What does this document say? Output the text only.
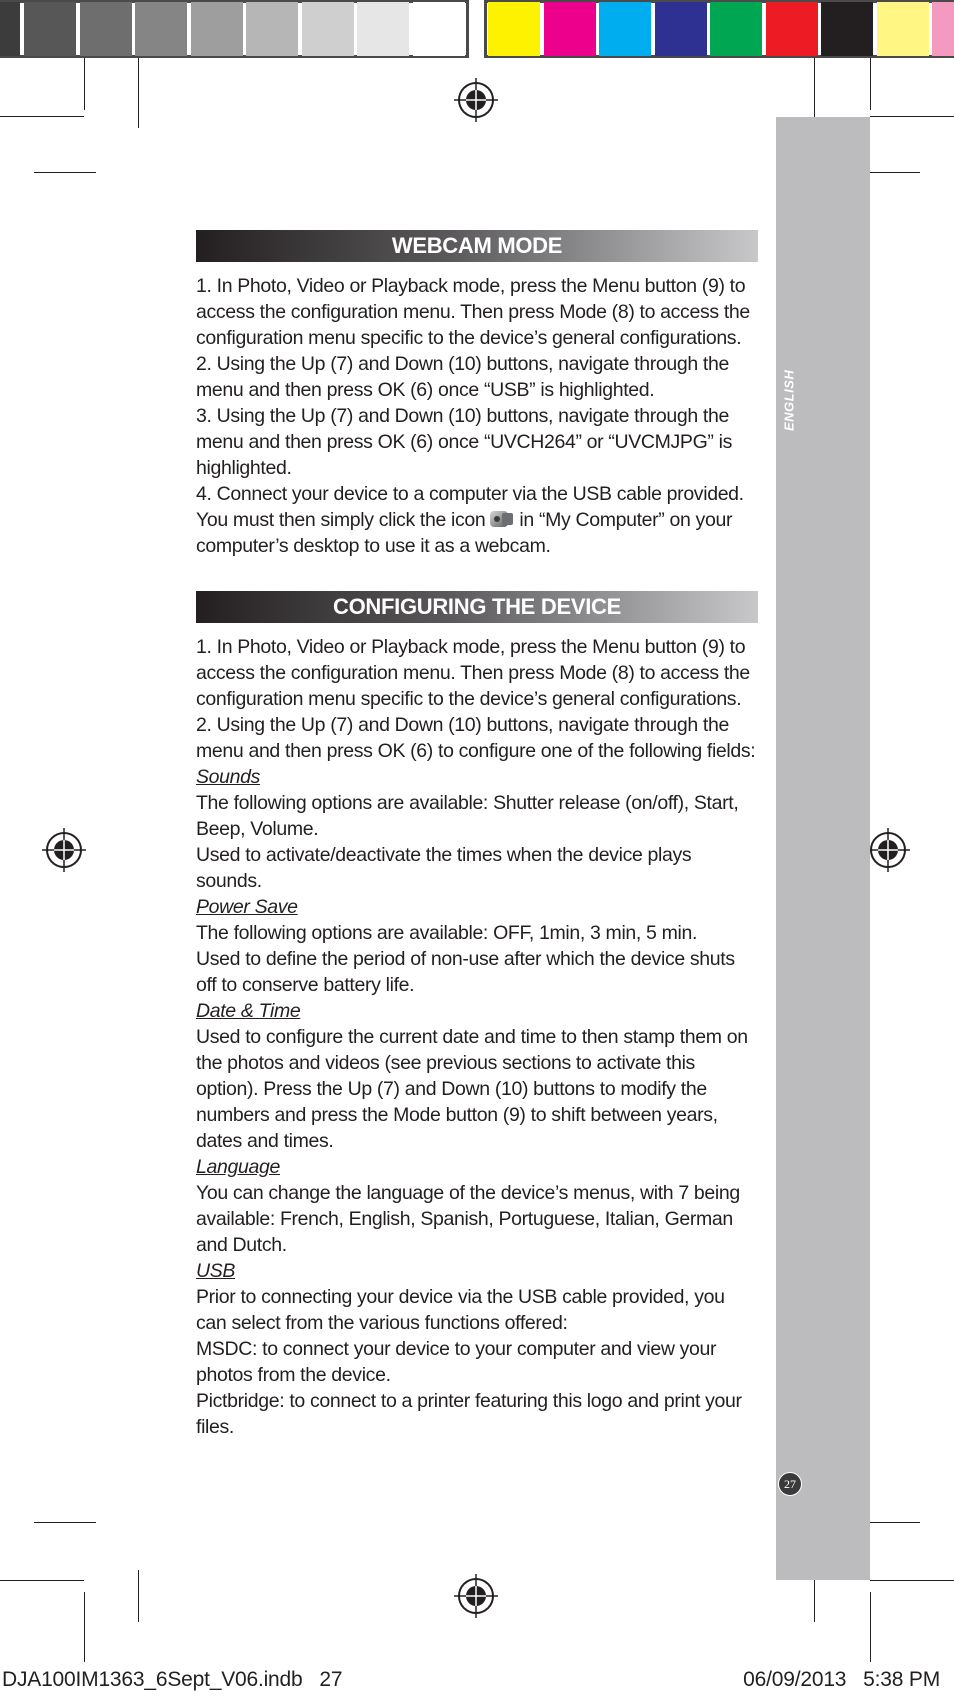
ENGLISH
27
WEBCAM MODE

1. In Photo, Video or Playback mode, press the Menu button (9) to access the configuration menu. Then press Mode (8) to access the configuration menu specific to the device’s general configurations.

2. Using the Up (7) and Down (10) buttons, navigate through the menu and then press OK (6) once “USB” is highlighted.

3. Using the Up (7) and Down (10) buttons, navigate through the menu and then press OK (6) once “UVCH264” or “UVCMJPG” is highlighted.

4. Connect your device to a computer via the USB cable provided. You must then simply click the icon in “My Computer” on your computer’s desktop to use it as a webcam.

CONFIGURING THE DEVICE

1. In Photo, Video or Playback mode, press the Menu button (9) to access the configuration menu. Then press Mode (8) to access the configuration menu specific to the device’s general configurations.

2. Using the Up (7) and Down (10) buttons, navigate through the menu and then press OK (6) to configure one of the following fields:

Sounds

The following options are available: Shutter release (on/off), Start, Beep, Volume.

Used to activate/deactivate the times when the device plays sounds.

Power Save

The following options are available: OFF, 1min, 3 min, 5 min.

Used to define the period of non-use after which the device shuts off to conserve battery life.

Date & Time

Used to configure the current date and time to then stamp them on the photos and videos (see previous sections to activate this option). Press the Up (7) and Down (10) buttons to modify the numbers and press the Mode button (9) to shift between years, dates and times.

Language

You can change the language of the device’s menus, with 7 being available: French, English, Spanish, Portuguese, Italian, German and Dutch.

USB

Prior to connecting your device via the USB cable provided, you can select from the various functions offered:

MSDC: to connect your device to your computer and view your photos from the device.

Pictbridge: to connect to a printer featuring this logo and print your files.

DJA100IM1363_6Sept_V06.indb   27	06/09/2013   5:38 PM
